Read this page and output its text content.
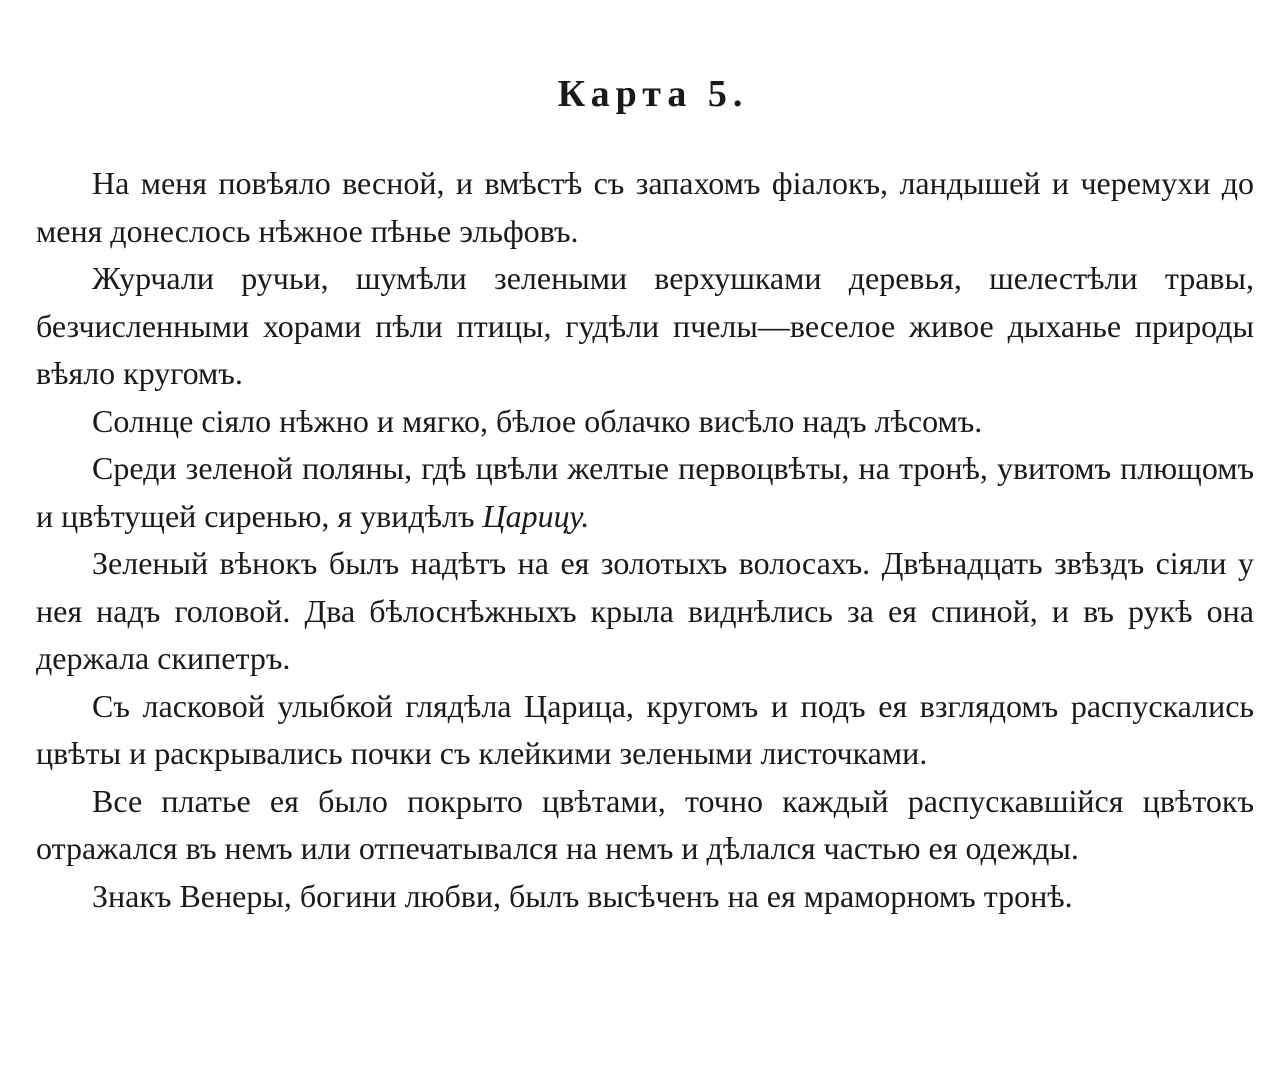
Карта 5.

На меня повѣяло весной, и вмѣстѣ съ запахомъ фіалокъ, ландышей и черемухи до меня донеслось нѣжное пѣнье эльфовъ.

Журчали ручьи, шумѣли зелеными верхушками деревья, шелестѣли травы, безчисленными хорами пѣли птицы, гудѣли пчелы—веселое живое дыханье природы вѣяло кругомъ.

Солнце сіяло нѣжно и мягко, бѣлое облачко висѣло надъ лѣсомъ.

Среди зеленой поляны, гдѣ цвѣли желтые первоцвѣты, на тронѣ, увитомъ плющомъ и цвѣтущей сиренью, я увидѣлъ Царицу.

Зеленый вѣнокъ былъ надѣтъ на ея золотыхъ волосахъ. Двѣнадцать звѣздъ сіяли у нея надъ головой. Два бѣлоснѣжныхъ крыла виднѣлись за ея спиной, и въ рукѣ она держала скипетръ.

Съ ласковой улыбкой глядѣла Царица, кругомъ и подъ ея взглядомъ распускались цвѣты и раскрывались почки съ клейкими зелеными листочками.

Все платье ея было покрыто цвѣтами, точно каждый распускавшійся цвѣтокъ отражался въ немъ или отпечатывался на немъ и дѣлался частью ея одежды.

Знакъ Венеры, богини любви, былъ высѣченъ на ея мраморномъ тронѣ.
